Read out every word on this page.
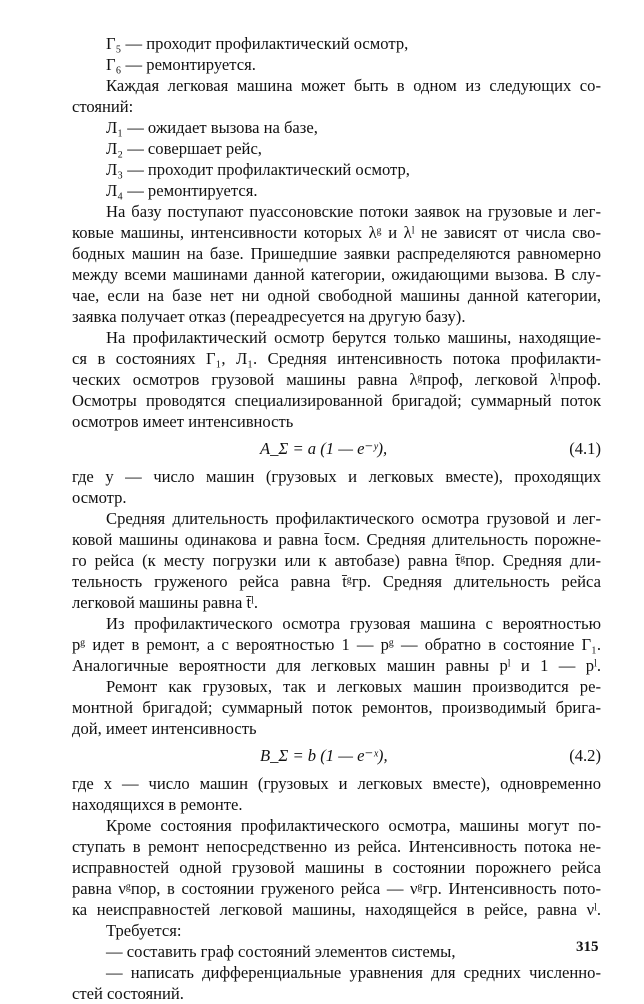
Г₅ — проходит профилактический осмотр,
Г₆ — ремонтируется.
Каждая легковая машина может быть в одном из следующих со-
стояний:
Л₁ — ожидает вызова на базе,
Л₂ — совершает рейс,
Л₃ — проходит профилактический осмотр,
Л₄ — ремонтируется.
На базу поступают пуассоновские потоки заявок на грузовые и лег-
ковые машины, интенсивности которых λᵍ и λˡ не зависят от числа сво-
бодных машин на базе. Пришедшие заявки распределяются равномерно
между всеми машинами данной категории, ожидающими вызова. В слу-
чае, если на базе нет ни одной свободной машины данной категории,
заявка получает отказ (переадресуется на другую базу).
На профилактический осмотр берутся только машины, находящие-
ся в состояниях Г₁, Л₁. Средняя интенсивность потока профилакти-
ческих осмотров грузовой машины равна λᵍпроф, легковой λˡпроф.
Осмотры проводятся специализированной бригадой; суммарный поток
осмотров имеет интенсивность
A_Σ = a (1 — e⁻ʸ),	(4.1)
где y — число машин (грузовых и легковых вместе), проходящих
осмотр.
Средняя длительность профилактического осмотра грузовой и лег-
ковой машины одинакова и равна t̄осм. Средняя длительность порожне-
го рейса (к месту погрузки или к автобазе) равна t̄ᵍпор. Средняя дли-
тельность груженого рейса равна t̄ᵍгр. Средняя длительность рейса
легковой машины равна t̄ˡ.
Из профилактического осмотра грузовая машина с вероятностью
pᵍ идет в ремонт, а с вероятностью 1 — pᵍ — обратно в состояние Г₁.
Аналогичные вероятности для легковых машин равны pˡ и 1 — pˡ.
Ремонт как грузовых, так и легковых машин производится ре-
монтной бригадой; суммарный поток ремонтов, производимый брига-
дой, имеет интенсивность
B_Σ = b (1 — e⁻ˣ),	(4.2)
где x — число машин (грузовых и легковых вместе), одновременно
находящихся в ремонте.
Кроме состояния профилактического осмотра, машины могут по-
ступать в ремонт непосредственно из рейса. Интенсивность потока не-
исправностей одной грузовой машины в состоянии порожнего рейса
равна νᵍпор, в состоянии груженого рейса — νᵍгр. Интенсивность пото-
ка неисправностей легковой машины, находящейся в рейсе, равна νˡ.
Требуется:
— составить граф состояний элементов системы,
— написать дифференциальные уравнения для средних численно-
стей состояний.
315
